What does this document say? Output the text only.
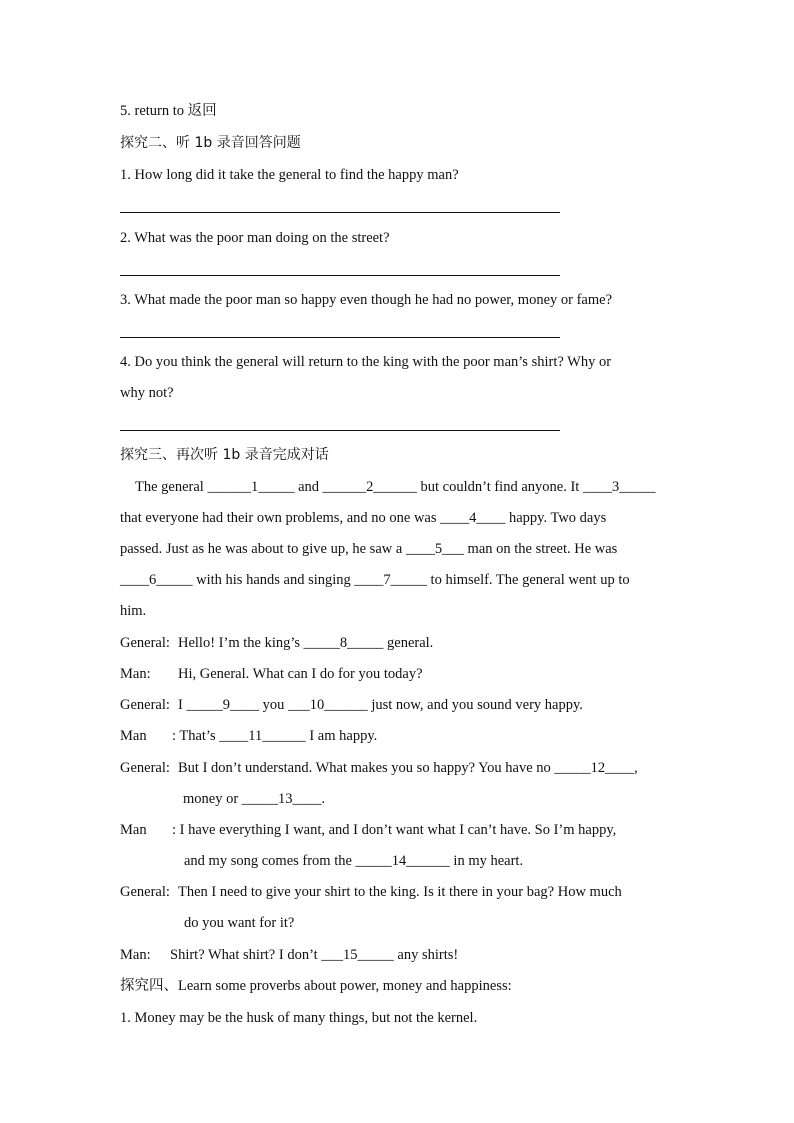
5. return to 返回
探究二、听 1b 录音回答问题
1. How long did it take the general to find the happy man?
2. What was the poor man doing on the street?
3. What made the poor man so happy even though he had no power, money or fame?
4. Do you think the general will return to the king with the poor man’s shirt? Why or
why not?
探究三、再次听 1b 录音完成对话
The general ______1_____ and ______2______ but couldn’t find anyone. It ____3_____
that everyone had their own problems, and no one was ____4____ happy. Two days
passed. Just as he was about to give up, he saw a ____5___ man on the street. He was
____6_____ with his hands and singing ____7_____ to himself. The general went up to
him.
General: Hello! I’m the king’s _____8_____ general.
Man: Hi, General. What can I do for you today?
General: I _____9____ you ___10______ just now, and you sound very happy.
Man : That’s ____11______ I am happy.
General: But I don’t understand. What makes you so happy? You have no _____12____,
money or _____13____.
Man : I have everything I want, and I don’t want what I can’t have. So I’m happy,
and my song comes from the _____14______ in my heart.
General: Then I need to give your shirt to the king. Is it there in your bag? How much
do you want for it?
Man: Shirt? What shirt? I don’t ___15_____ any shirts!
探究四、Learn some proverbs about power, money and happiness:
1. Money may be the husk of many things, but not the kernel.
